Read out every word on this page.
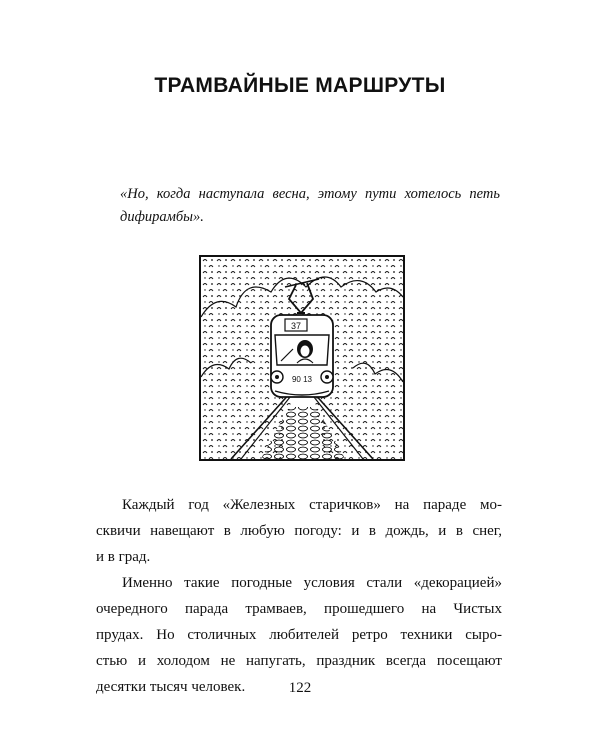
ТРАМВАЙНЫЕ МАРШРУТЫ
«Но, когда наступала весна, этому пути хотелось петь
дифирамбы».
37
90 13
Каждый год «Железных старичков» на параде мо-
сквичи навещают в любую погоду: и в дождь, и в снег,
и в град.
Именно такие погодные условия стали «декорацией»
очередного парада трамваев, прошедшего на Чистых
прудах. Но столичных любителей ретро техники сыро-
стью и холодом не напугать, праздник всегда посещают
десятки тысяч человек.	122
